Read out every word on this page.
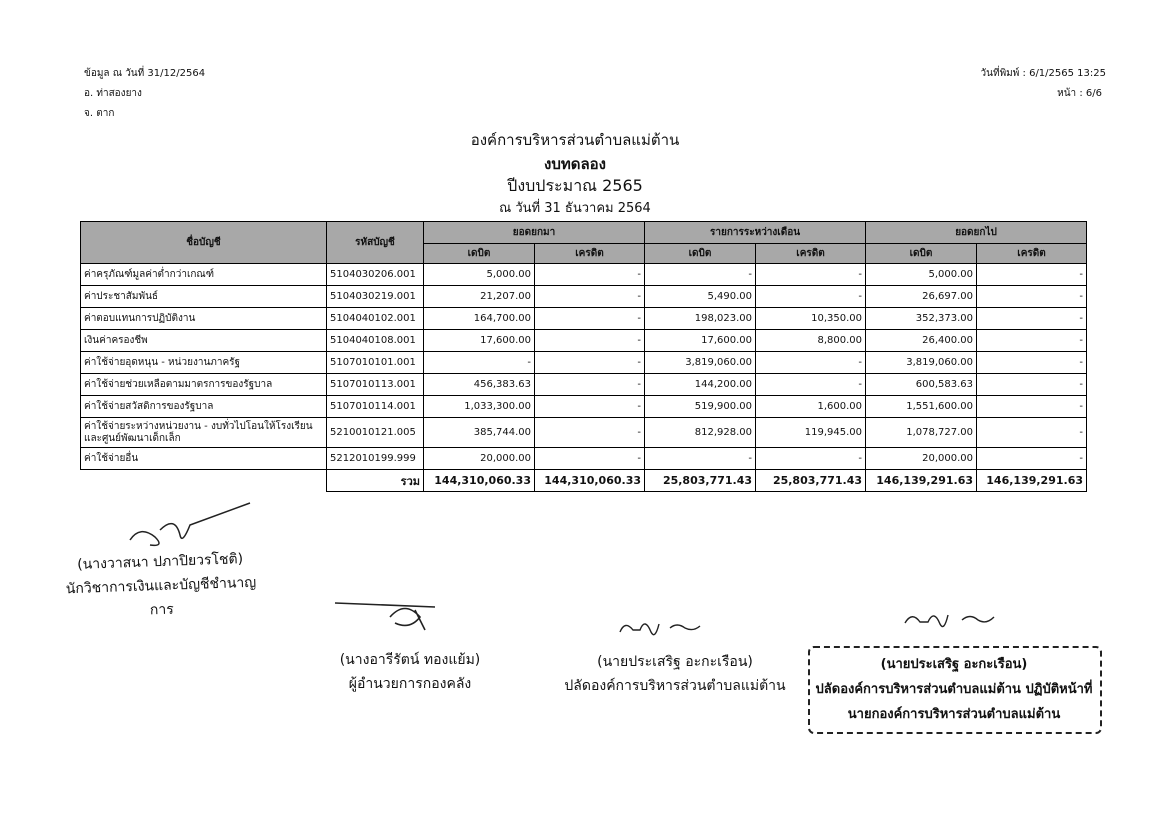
ข้อมูล ณ วันที่ 31/12/2564
อ. ท่าสองยาง
จ. ตาก
วันที่พิมพ์ : 6/1/2565 13:25
หน้า : 6/6
องค์การบริหารส่วนตำบลแม่ต้าน
งบทดลอง
ปีงบประมาณ 2565
ณ วันที่ 31 ธันวาคม 2564
ชื่อบัญชี	รหัสบัญชี	ยอดยกมา		รายการระหว่างเดือน		ยอดยกไป	
		เดบิต	เครดิต	เดบิต	เครดิต	เดบิต	เครดิต
ค่าครุภัณฑ์มูลค่าต่ำกว่าเกณฑ์	5104030206.001	5,000.00	-	-	-	5,000.00	-
ค่าประชาสัมพันธ์	5104030219.001	21,207.00	-	5,490.00	-	26,697.00	-
ค่าตอบแทนการปฏิบัติงาน	5104040102.001	164,700.00	-	198,023.00	10,350.00	352,373.00	-
เงินค่าครองชีพ	5104040108.001	17,600.00	-	17,600.00	8,800.00	26,400.00	-
ค่าใช้จ่ายอุดหนุน - หน่วยงานภาครัฐ	5107010101.001	-	-	3,819,060.00	-	3,819,060.00	-
ค่าใช้จ่ายช่วยเหลือตามมาตรการของรัฐบาล	5107010113.001	456,383.63	-	144,200.00	-	600,583.63	-
ค่าใช้จ่ายสวัสดิการของรัฐบาล	5107010114.001	1,033,300.00	-	519,900.00	1,600.00	1,551,600.00	-
ค่าใช้จ่ายระหว่างหน่วยงาน - งบทั่วไปโอนให้โรงเรียน และศูนย์พัฒนาเด็กเล็ก	5210010121.005	385,744.00	-	812,928.00	119,945.00	1,078,727.00	-
ค่าใช้จ่ายอื่น	5212010199.999	20,000.00	-	-	-	20,000.00	-
	รวม	144,310,060.33	144,310,060.33	25,803,771.43	25,803,771.43	146,139,291.63	146,139,291.63
(นางวาสนา ปภาปิยวรโชติ)
นักวิชาการเงินและบัญชีชำนาญการ
(นางอารีรัตน์ ทองแย้ม)
ผู้อำนวยการกองคลัง
(นายประเสริฐ อะกะเรือน)
ปลัดองค์การบริหารส่วนตำบลแม่ต้าน
(นายประเสริฐ อะกะเรือน)
ปลัดองค์การบริหารส่วนตำบลแม่ต้าน ปฏิบัติหน้าที่
นายกองค์การบริหารส่วนตำบลแม่ต้าน
